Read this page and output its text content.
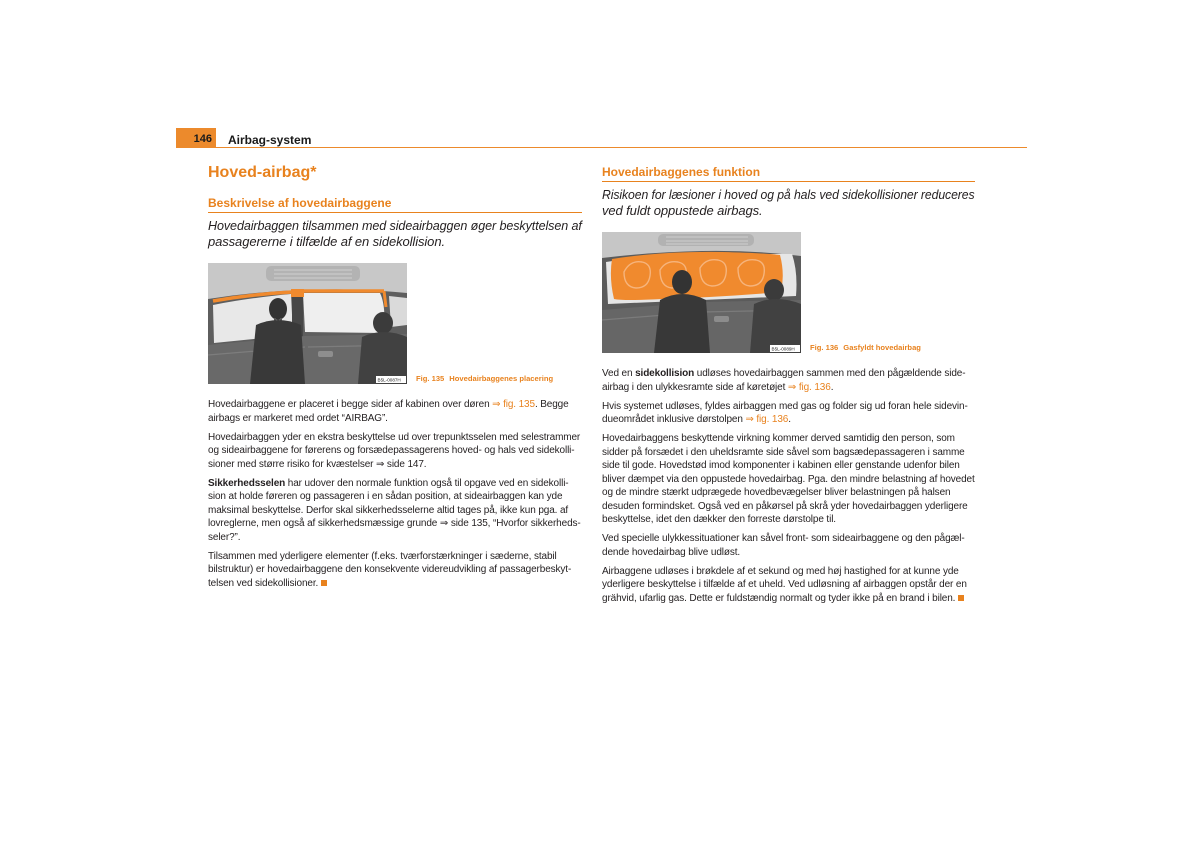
146	Airbag-system
Hoved-airbag*
Beskrivelse af hovedairbaggene
Hovedairbaggen tilsammen med sideairbaggen øger beskyttelsen af
passagererne i tilfælde af en sidekollision.
B5L-0087H Fig. 135 Hovedairbaggenes placering
Hovedairbaggene er placeret i begge sider af kabinen over døren ⇒ fig. 135. Begge
airbags er markeret med ordet “AIRBAG”.
Hovedairbaggen yder en ekstra beskyttelse ud over trepunktsselen med selestrammer
og sideairbaggene for førerens og forsædepassagerens hoved- og hals ved sidekolli-
sioner med større risiko for kvæstelser ⇒ side 147.
Sikkerhedsselen har udover den normale funktion også til opgave ved en sidekolli-
sion at holde føreren og passageren i en sådan position, at sideairbaggen kan yde
maksimal beskyttelse. Derfor skal sikkerhedsselerne altid tages på, ikke kun pga. af
lovreglerne, men også af sikkerhedsmæssige grunde ⇒ side 135, “Hvorfor sikkerheds-
seler?”.
Tilsammen med yderligere elementer (f.eks. tværforstærkninger i sæderne, stabil
bilstruktur) er hovedairbaggene den konsekvente videreudvikling af passagerbeskyt-
telsen ved sidekollisioner.
Hovedairbaggenes funktion
Risikoen for læsioner i hoved og på hals ved sidekollisioner reduceres
ved fuldt oppustede airbags.
B5L-0089H Fig. 136 Gasfyldt hovedairbag
Ved en sidekollision udløses hovedairbaggen sammen med den pågældende side-
airbag i den ulykkesramte side af køretøjet ⇒ fig. 136.
Hvis systemet udløses, fyldes airbaggen med gas og folder sig ud foran hele sidevin-
dueområdet inklusive dørstolpen ⇒ fig. 136.
Hovedairbaggens beskyttende virkning kommer derved samtidig den person, som
sidder på forsædet i den uheldsramte side såvel som bagsædepassageren i samme
side til gode. Hovedstød imod komponenter i kabinen eller genstande udenfor bilen
bliver dæmpet via den oppustede hovedairbag. Pga. den mindre belastning af hovedet
og de mindre stærkt udprægede hovedbevægelser bliver belastningen på halsen
desuden formindsket. Også ved en påkørsel på skrå yder hovedairbaggen yderligere
beskyttelse, idet den dækker den forreste dørstolpe til.
Ved specielle ulykkessituationer kan såvel front- som sideairbaggene og den pågæl-
dende hovedairbag blive udløst.
Airbaggene udløses i brøkdele af et sekund og med høj hastighed for at kunne yde
yderligere beskyttelse i tilfælde af et uheld. Ved udløsning af airbaggen opstår der en
grähvid, ufarlig gas. Dette er fuldstændig normalt og tyder ikke på en brand i bilen.
